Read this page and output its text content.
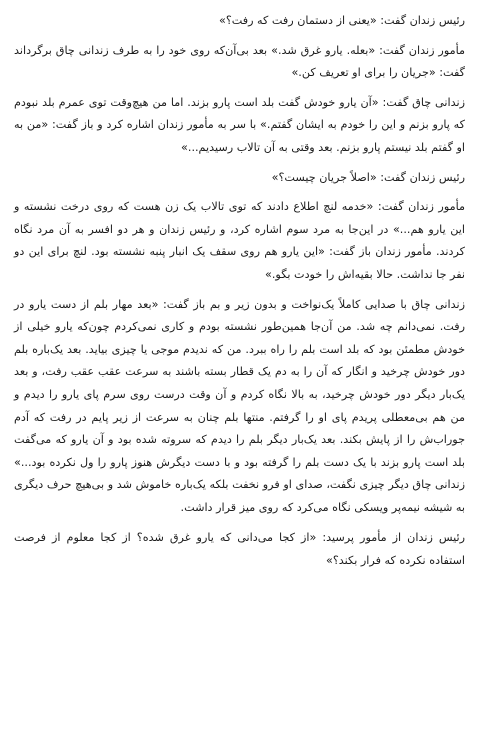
رئیس زندان گفت: «یعنی از دستمان رفت که رفت؟»

مأمور زندان گفت: «بعله. یارو غرق شد.» بعد بی‌آن‌که روی خود را به طرف زندانی چاق برگرداند گفت: «جریان را برای او تعریف کن.»

زندانی چاق گفت: «آن یارو خودش گفت بلد است پارو بزند. اما من هیچ‌وقت توی عمرم بلد نبودم که پارو بزنم و این را خودم به ایشان گفتم.» با سر به مأمور زندان اشاره کرد و باز گفت: «من به او گفتم بلد نیستم پارو بزنم. بعد وقتی به آن تالاب رسیدیم...»

رئیس زندان گفت: «اصلاً جریان چیست؟»

مأمور زندان گفت: «خدمه لنچ اطلاع دادند که توی تالاب یک زن هست که روی درخت نشسته و این یارو هم...» در این‌جا به مرد سوم اشاره کرد، و رئیس زندان و هر دو افسر به آن مرد نگاه کردند. مأمور زندان باز گفت: «این یارو هم روی سقف یک انبار پنبه نشسته بود. لنچ برای این دو نفر جا نداشت. حالا بقیه‌اش را خودت بگو.»

زندانی چاق با صدایی کاملاً یک‌نواخت و بدون زیر و بم باز گفت: «بعد مهار بلم از دست یارو در رفت. نمی‌دانم چه شد. من آن‌جا همین‌طور نشسته بودم و کاری نمی‌کردم چون‌که یارو خیلی از خودش مطمئن بود که بلد است بلم را راه ببرد. من که ندیدم موجی یا چیزی بیاید. بعد یک‌باره بلم دور خودش چرخید و انگار که آن را به دم یک قطار بسته باشند به سرعت عقب عقب رفت، و بعد یک‌بار دیگر دور خودش چرخید، به بالا نگاه کردم و آن وقت درست روی سرم پای یارو را دیدم و من هم بی‌معطلی پریدم پای او را گرفتم. منتها بلم چنان به سرعت از زیر پایم در رفت که آدم جوراب‌ش را از پایش بکند. بعد یک‌بار دیگر بلم را دیدم که سروته شده بود و آن یارو که می‌گفت بلد است پارو بزند با یک دست بلم را گرفته بود و با دست دیگرش هنوز پارو را ول نکرده بود...» زندانی چاق دیگر چیزی نگفت، صدای او فرو نخفت بلکه یک‌باره خاموش شد و بی‌هیچ حرف دیگری به شیشه نیمه‌پر ویسکی نگاه می‌کرد که روی میز قرار داشت.

رئیس زندان از مأمور پرسید: «از کجا می‌دانی که یارو غرق شده؟ از کجا معلوم از فرصت استفاده نکرده که فرار بکند؟»
